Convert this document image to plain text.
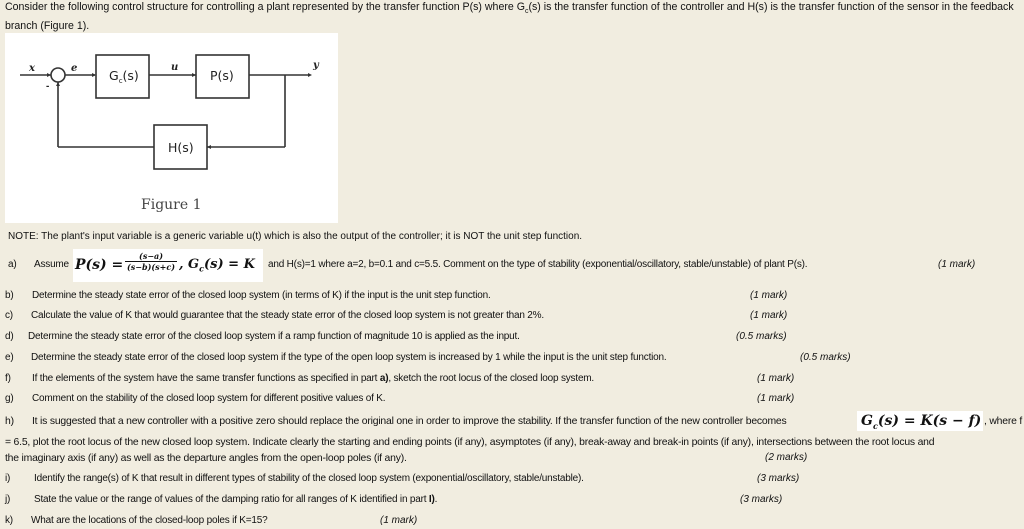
Consider the following control structure for controlling a plant represented by the transfer function P(s) where $G_c(s)$ is the transfer function of the controller and H(s) is the transfer function of the sensor in the feedback branch (Figure 1).
x	e	u	y
-
$G_c(s)$	P(s)
H(s)
Figure 1
NOTE: The plant's input variable is a generic variable u(t) which is also the output of the controller; it is NOT the unit step function.
a) Assume $P(s) = \frac{(s-a)}{(s-b)(s+c)}$ , $G_c(s) = K$ and H(s)=1 where a=2, b=0.1 and c=5.5. Comment on the type of stability (exponential/oscillatory, stable/unstable) of plant P(s).	(1 mark)
b) Determine the steady state error of the closed loop system (in terms of K) if the input is the unit step function.	(1 mark)
c) Calculate the value of K that would guarantee that the steady state error of the closed loop system is not greater than 2%.	(1 mark)
d) Determine the steady state error of the closed loop system if a ramp function of magnitude 10 is applied as the input.	(0.5 marks)
e) Determine the steady state error of the closed loop system if the type of the open loop system is increased by 1 while the input is the unit step function.	(0.5 marks)
f) If the elements of the system have the same transfer functions as specified in part a), sketch the root locus of the closed loop system.	(1 mark)
g) Comment on the stability of the closed loop system for different positive values of K.	(1 mark)
h) It is suggested that a new controller with a positive zero should replace the original one in order to improve the stability. If the transfer function of the new controller becomes	$G_c(s) = K(s - f)$ , where f
= 6.5, plot the root locus of the new closed loop system. Indicate clearly the starting and ending points (if any), asymptotes (if any), break-away and break-in points (if any), intersections between the root locus and
the imaginary axis (if any) as well as the departure angles from the open-loop poles (if any).	(2 marks)
i) Identify the range(s) of K that result in different types of stability of the closed loop system (exponential/oscillatory, stable/unstable).	(3 marks)
j) State the value or the range of values of the damping ratio for all ranges of K identified in part I).	(3 marks)
k) What are the locations of the closed-loop poles if K=15?	(1 mark)
